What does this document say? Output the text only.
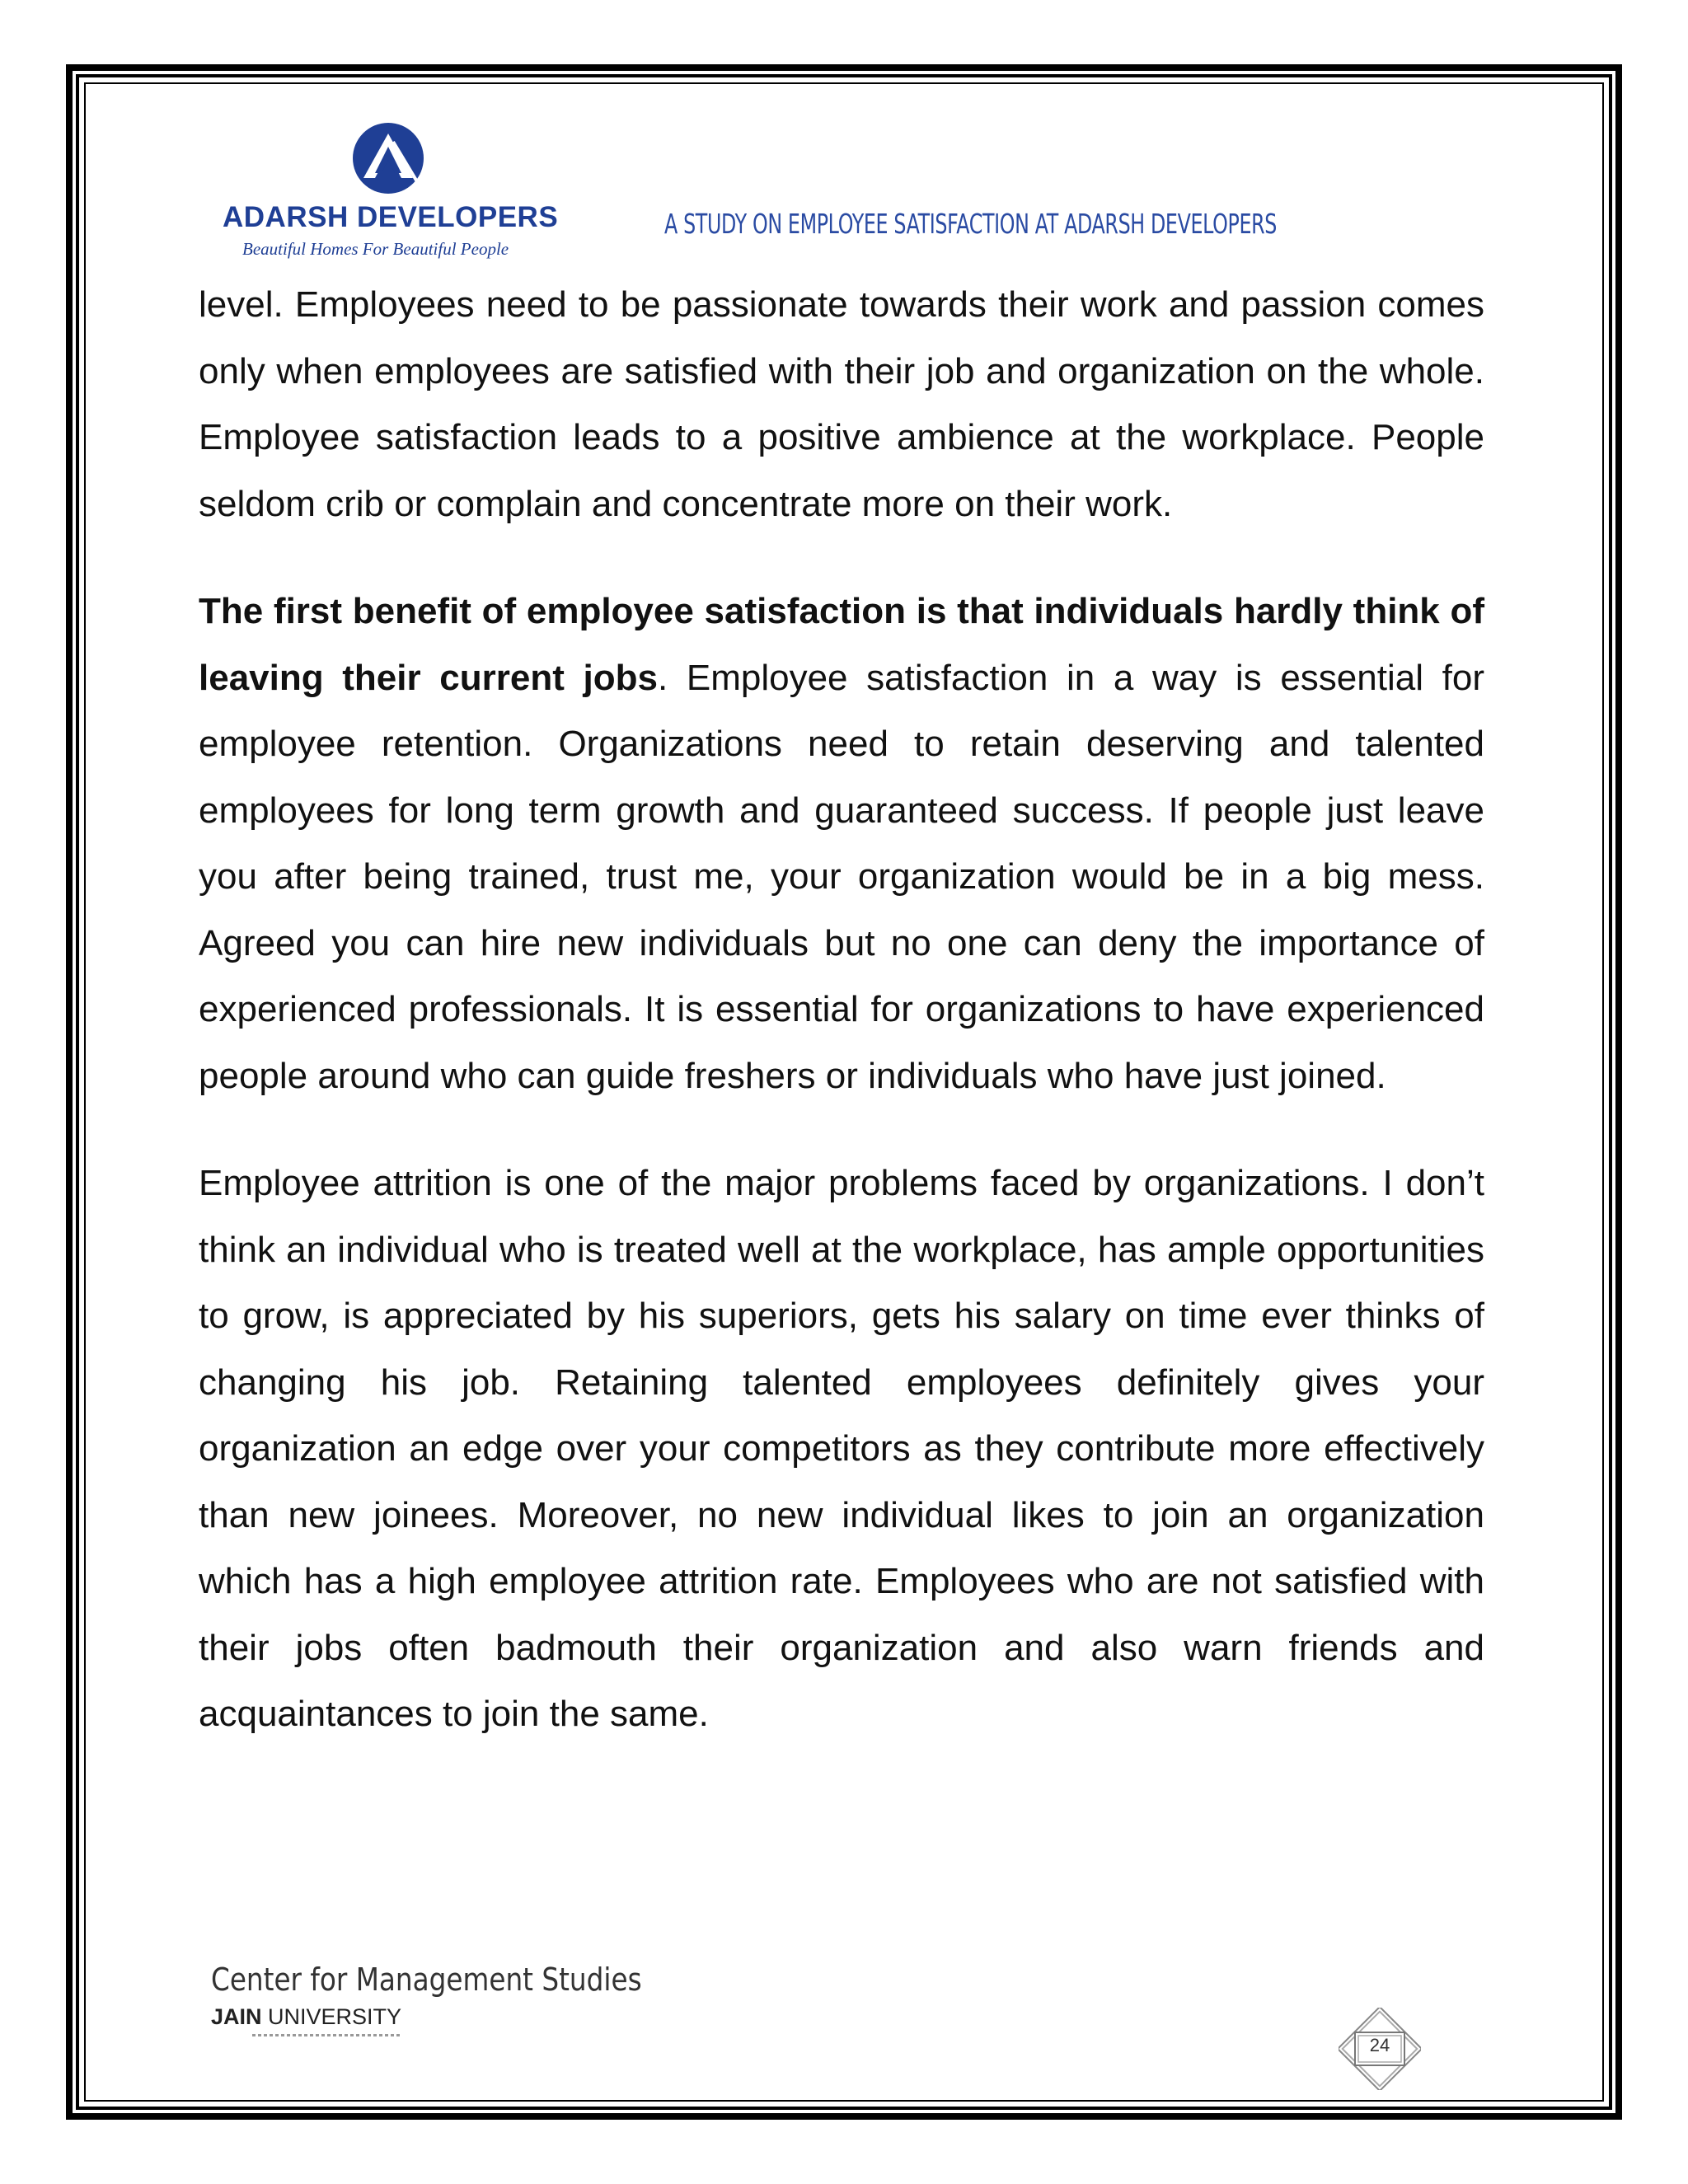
ADARSH DEVELOPERS
Beautiful Homes For Beautiful People
A STUDY ON EMPLOYEE SATISFACTION AT ADARSH DEVELOPERS

level. Employees need to be passionate towards their work and passion comes only when employees are satisfied with their job and organization on the whole. Employee satisfaction leads to a positive ambience at the workplace. People seldom crib or complain and concentrate more on their work.

The first benefit of employee satisfaction is that individuals hardly think of leaving their current jobs. Employee satisfaction in a way is essential for employee retention. Organizations need to retain deserving and talented employees for long term growth and guaranteed success. If people just leave you after being trained, trust me, your organization would be in a big mess. Agreed you can hire new individuals but no one can deny the importance of experienced professionals. It is essential for organizations to have experienced people around who can guide freshers or individuals who have just joined.

Employee attrition is one of the major problems faced by organizations. I don’t think an individual who is treated well at the workplace, has ample opportunities to grow, is appreciated by his superiors, gets his salary on time ever thinks of changing his job. Retaining talented employees definitely gives your organization an edge over your competitors as they contribute more effectively than new joinees. Moreover, no new individual likes to join an organization which has a high employee attrition rate. Employees who are not satisfied with their jobs often badmouth their organization and also warn friends and acquaintances to join the same.

Center for Management Studies
JAIN UNIVERSITY
24
